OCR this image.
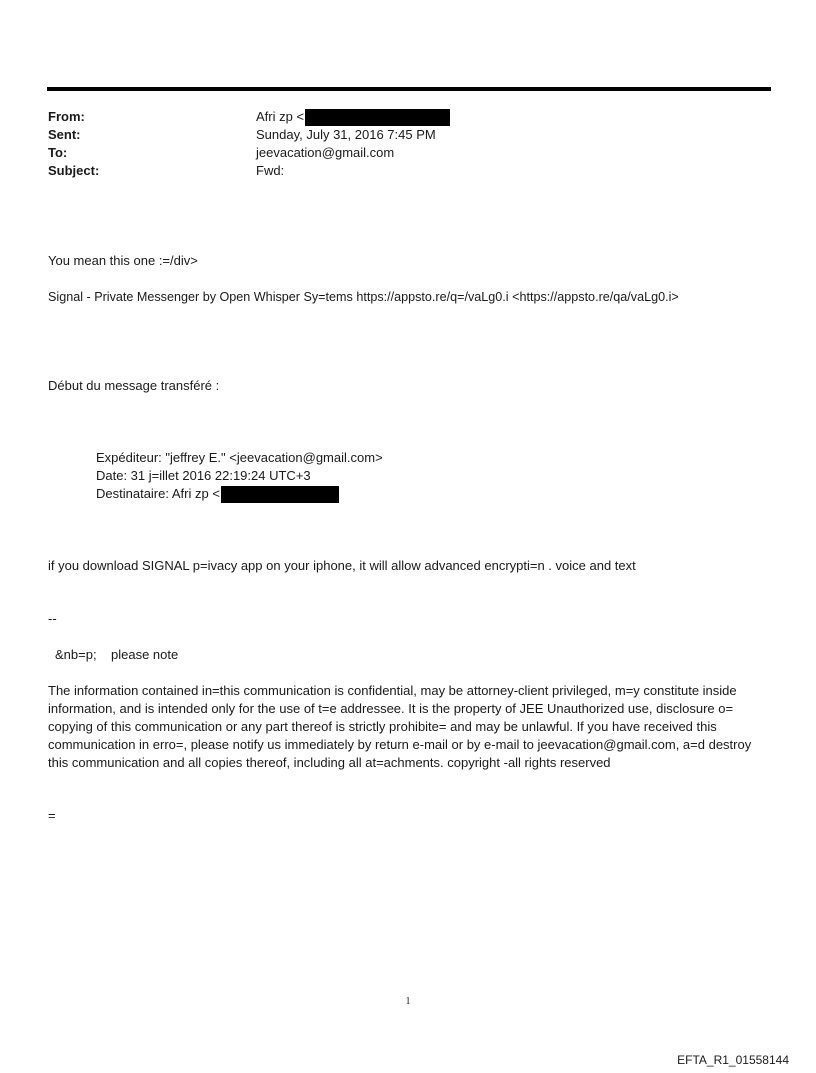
From:	Afri zp <
Sent:	Sunday, July 31, 2016 7:45 PM
To:	jeevacation@gmail.com
Subject:	Fwd:
You mean this one :=/div>
Signal - Private Messenger by Open Whisper Sy=tems https://appsto.re/q=/vaLg0.i <https://appsto.re/qa/vaLg0.i>
Début du message transféré :
Expéditeur: "jeffrey E." <jeevacation@gmail.com>
Date: 31 j=illet 2016 22:19:24 UTC+3
Destinataire: Afri zp <
if you download SIGNAL p=ivacy app on your iphone, it will allow advanced encrypti=n . voice and text
--
&nb=p;    please note
The information contained in=this communication is confidential, may be attorney-client privileged, m=y constitute inside information, and is intended only for the use of t=e addressee. It is the property of JEE Unauthorized use, disclosure o= copying of this communication or any part thereof is strictly prohibite= and may be unlawful. If you have received this communication in erro=, please notify us immediately by return e-mail or by e-mail to jeevacation@gmail.com, a=d destroy this communication and all copies thereof, including all at=achments. copyright -all rights reserved
=
1
EFTA_R1_01558144
